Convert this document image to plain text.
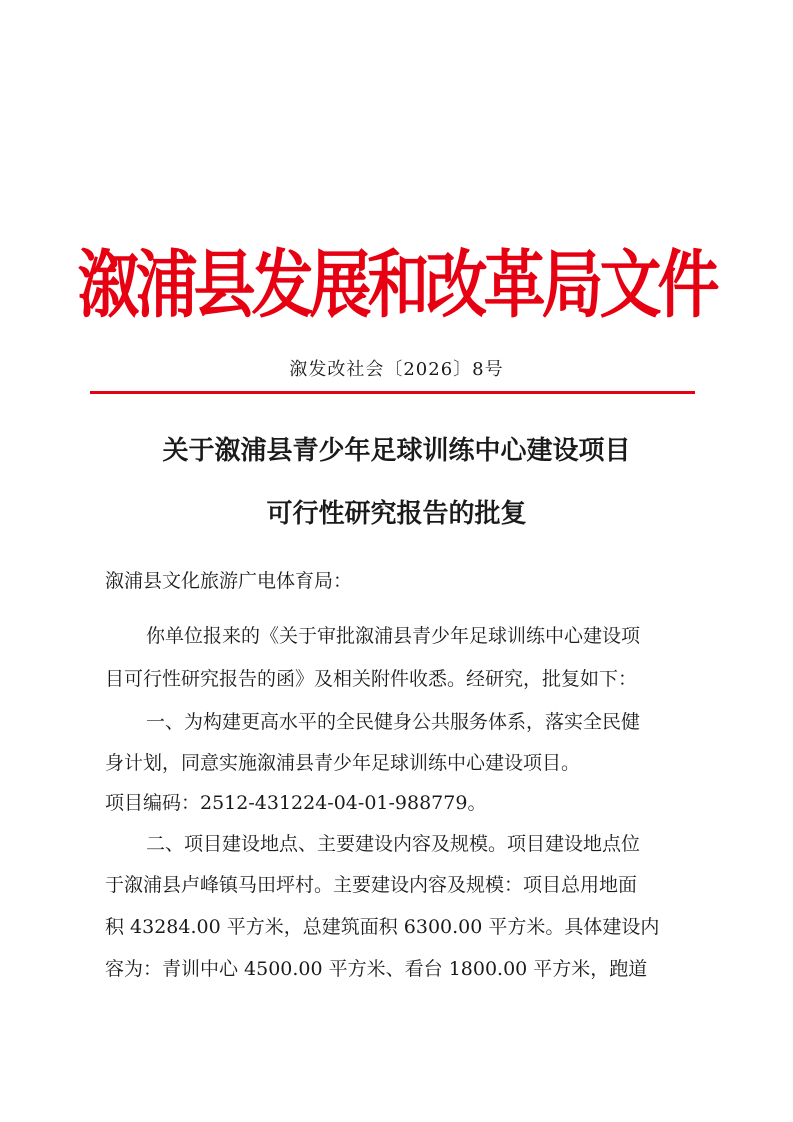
溆浦县发展和改革局文件
溆发改社会〔2026〕8号
关于溆浦县青少年足球训练中心建设项目
可行性研究报告的批复
溆浦县文化旅游广电体育局：
你单位报来的《关于审批溆浦县青少年足球训练中心建设项
目可行性研究报告的函》及相关附件收悉。经研究，批复如下：
一、为构建更高水平的全民健身公共服务体系，落实全民健
身计划，同意实施溆浦县青少年足球训练中心建设项目。
项目编码：2512-431224-04-01-988779。
二、项目建设地点、主要建设内容及规模。项目建设地点位
于溆浦县卢峰镇马田坪村。主要建设内容及规模：项目总用地面
积 43284.00 平方米，总建筑面积 6300.00 平方米。具体建设内
容为：青训中心 4500.00 平方米、看台 1800.00 平方米，跑道
